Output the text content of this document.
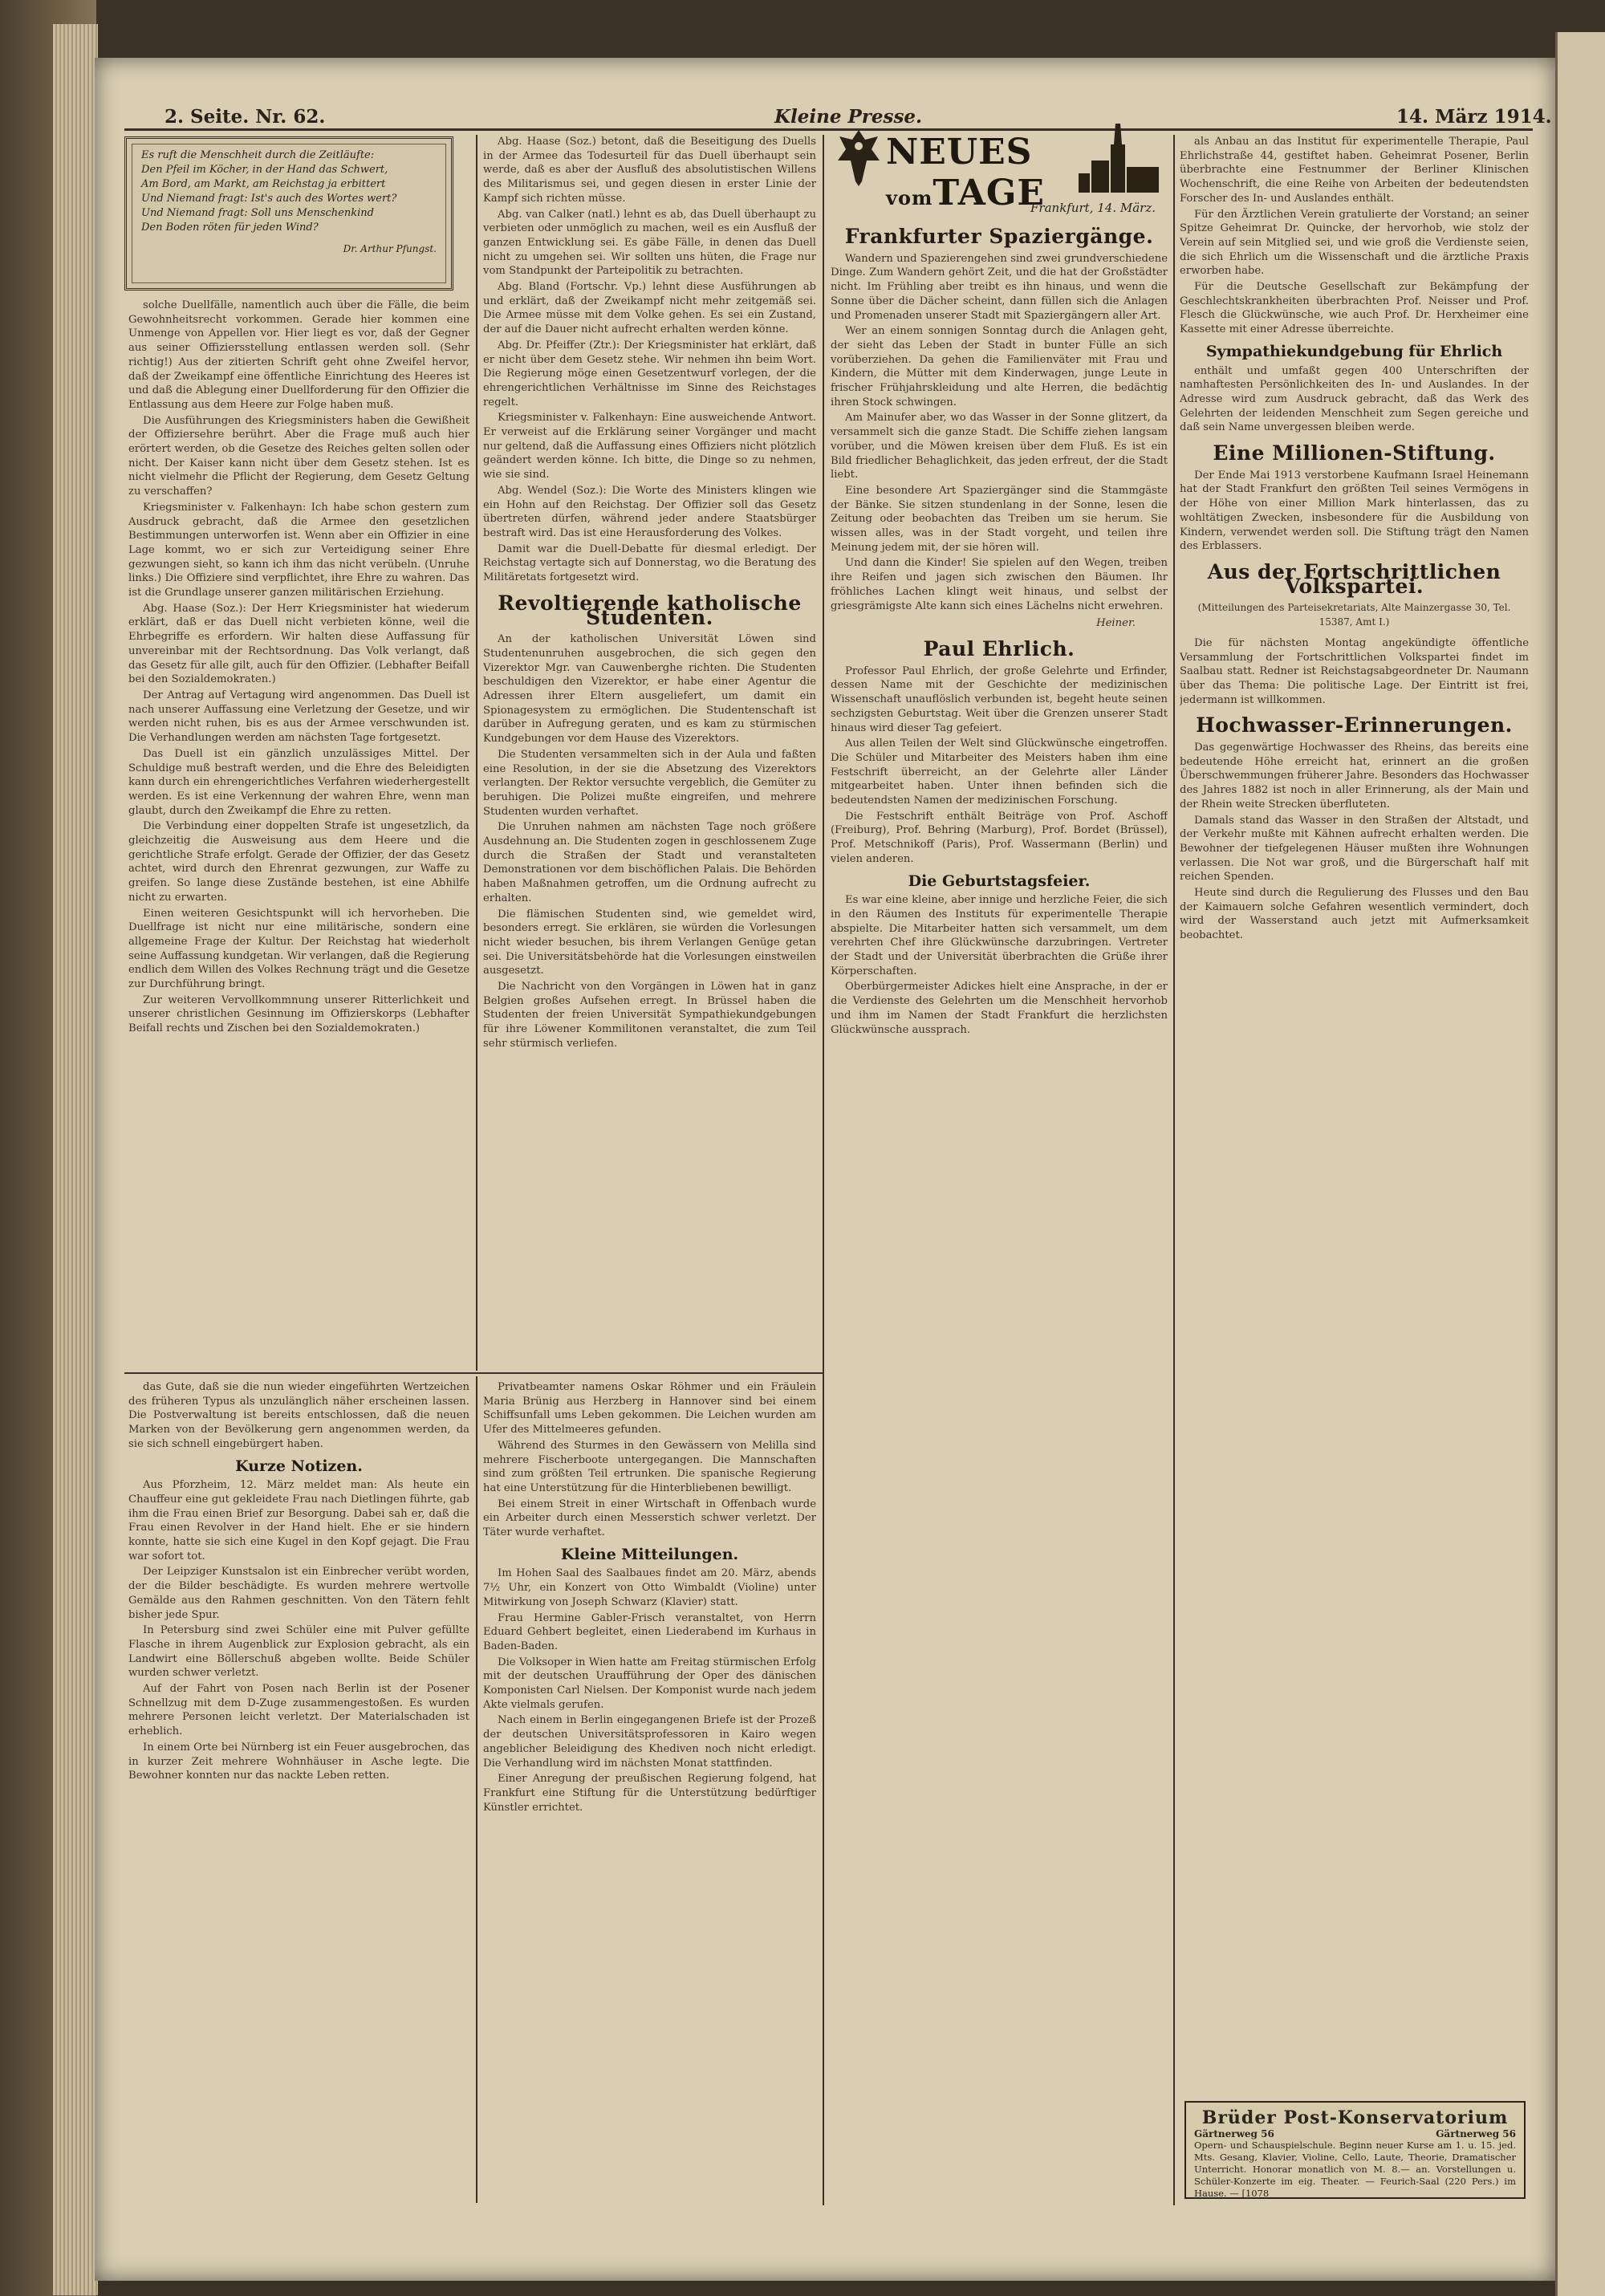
2. Seite. Nr. 62.	Kleine Presse.	14. März 1914.
Es ruft die Menschheit durch die Zeitläufte:
Den Pfeil im Köcher, in der Hand das Schwert,
Am Bord, am Markt, am Reichstag ja erbittert
Und Niemand fragt: Ist's auch des Wortes wert?
Und Niemand fragt: Soll uns Menschenkind
Den Boden röten für jeden Wind?
Dr. Arthur Pfungst.

solche Duellfälle, namentlich auch über die Fälle, die beim Gewohnheitsrecht vorkommen. Gerade hier kommen eine Unmenge von Appellen vor. Hier liegt es vor, daß der Gegner aus seiner Offiziersstellung entlassen werden soll. (Sehr richtig!) Aus der zitierten Schrift geht ohne Zweifel hervor, daß der Zweikampf eine öffentliche Einrichtung des Heeres ist und daß die Ablegung einer Duellforderung für den Offizier die Entlassung aus dem Heere zur Folge haben muß.

Die Ausführungen des Kriegsministers haben die Gewißheit der Offiziersehre berührt. Aber die Frage muß auch hier erörtert werden, ob die Gesetze des Reiches gelten sollen oder nicht. Der Kaiser kann nicht über dem Gesetz stehen. Ist es nicht vielmehr die Pflicht der Regierung, dem Gesetz Geltung zu verschaffen?

Kriegsminister v. Falkenhayn: Ich habe schon gestern zum Ausdruck gebracht, daß die Armee den gesetzlichen Bestimmungen unterworfen ist. Wenn aber ein Offizier in eine Lage kommt, wo er sich zur Verteidigung seiner Ehre gezwungen sieht, so kann ich ihm das nicht verübeln. (Unruhe links.) Die Offiziere sind verpflichtet, ihre Ehre zu wahren. Das ist die Grundlage unserer ganzen militärischen Erziehung.

Abg. Haase (Soz.): Der Herr Kriegsminister hat wiederum erklärt, daß er das Duell nicht verbieten könne, weil die Ehrbegriffe es erfordern. Wir halten diese Auffassung für unvereinbar mit der Rechtsordnung. Das Volk verlangt, daß das Gesetz für alle gilt, auch für den Offizier. (Lebhafter Beifall bei den Sozialdemokraten.)

Der Antrag auf Vertagung wird angenommen. Das Duell ist nach unserer Auffassung eine Verletzung der Gesetze, und wir werden nicht ruhen, bis es aus der Armee verschwunden ist. Die Verhandlungen werden am nächsten Tage fortgesetzt.

Das Duell ist ein gänzlich unzulässiges Mittel. Der Schuldige muß bestraft werden, und die Ehre des Beleidigten kann durch ein ehrengerichtliches Verfahren wiederhergestellt werden. Es ist eine Verkennung der wahren Ehre, wenn man glaubt, durch den Zweikampf die Ehre zu retten.

Die Verbindung einer doppelten Strafe ist ungesetzlich, da gleichzeitig die Ausweisung aus dem Heere und die gerichtliche Strafe erfolgt. Gerade der Offizier, der das Gesetz achtet, wird durch den Ehrenrat gezwungen, zur Waffe zu greifen. So lange diese Zustände bestehen, ist eine Abhilfe nicht zu erwarten.

Einen weiteren Gesichtspunkt will ich hervorheben. Die Duellfrage ist nicht nur eine militärische, sondern eine allgemeine Frage der Kultur. Der Reichstag hat wiederholt seine Auffassung kundgetan. Wir verlangen, daß die Regierung endlich dem Willen des Volkes Rechnung trägt und die Gesetze zur Durchführung bringt.

Zur weiteren Vervollkommnung unserer Ritterlichkeit und unserer christlichen Gesinnung im Offizierskorps (Lebhafter Beifall rechts und Zischen bei den Sozialdemokraten.)

Abg. Haase (Soz.) betont, daß die Beseitigung des Duells in der Armee das Todesurteil für das Duell überhaupt sein werde, daß es aber der Ausfluß des absolutistischen Willens des Militarismus sei, und gegen diesen in erster Linie der Kampf sich richten müsse.

Abg. van Calker (natl.) lehnt es ab, das Duell überhaupt zu verbieten oder unmöglich zu machen, weil es ein Ausfluß der ganzen Entwicklung sei. Es gäbe Fälle, in denen das Duell nicht zu umgehen sei. Wir sollten uns hüten, die Frage nur vom Standpunkt der Parteipolitik zu betrachten.

Abg. Bland (Fortschr. Vp.) lehnt diese Ausführungen ab und erklärt, daß der Zweikampf nicht mehr zeitgemäß sei. Die Armee müsse mit dem Volke gehen. Es sei ein Zustand, der auf die Dauer nicht aufrecht erhalten werden könne.

Abg. Dr. Pfeiffer (Ztr.): Der Kriegsminister hat erklärt, daß er nicht über dem Gesetz stehe. Wir nehmen ihn beim Wort. Die Regierung möge einen Gesetzentwurf vorlegen, der die ehrengerichtlichen Verhältnisse im Sinne des Reichstages regelt.

Kriegsminister v. Falkenhayn: Eine ausweichende Antwort. Er verweist auf die Erklärung seiner Vorgänger und macht nur geltend, daß die Auffassung eines Offiziers nicht plötzlich geändert werden könne. Ich bitte, die Dinge so zu nehmen, wie sie sind.

Abg. Wendel (Soz.): Die Worte des Ministers klingen wie ein Hohn auf den Reichstag. Der Offizier soll das Gesetz übertreten dürfen, während jeder andere Staatsbürger bestraft wird. Das ist eine Herausforderung des Volkes.

Damit war die Duell-Debatte für diesmal erledigt. Der Reichstag vertagte sich auf Donnerstag, wo die Beratung des Militäretats fortgesetzt wird.

Revoltierende katholische Studenten.

An der katholischen Universität Löwen sind Studentenunruhen ausgebrochen, die sich gegen den Vizerektor Mgr. van Cauwenberghe richten. Die Studenten beschuldigen den Vizerektor, er habe einer Agentur die Adressen ihrer Eltern ausgeliefert, um damit ein Spionagesystem zu ermöglichen. Die Studentenschaft ist darüber in Aufregung geraten, und es kam zu stürmischen Kundgebungen vor dem Hause des Vizerektors.

Die Studenten versammelten sich in der Aula und faßten eine Resolution, in der sie die Absetzung des Vizerektors verlangten. Der Rektor versuchte vergeblich, die Gemüter zu beruhigen. Die Polizei mußte eingreifen, und mehrere Studenten wurden verhaftet.

Die Unruhen nahmen am nächsten Tage noch größere Ausdehnung an. Die Studenten zogen in geschlossenem Zuge durch die Straßen der Stadt und veranstalteten Demonstrationen vor dem bischöflichen Palais. Die Behörden haben Maßnahmen getroffen, um die Ordnung aufrecht zu erhalten.

Die flämischen Studenten sind, wie gemeldet wird, besonders erregt. Sie erklären, sie würden die Vorlesungen nicht wieder besuchen, bis ihrem Verlangen Genüge getan sei. Die Universitätsbehörde hat die Vorlesungen einstweilen ausgesetzt.

Die Nachricht von den Vorgängen in Löwen hat in ganz Belgien großes Aufsehen erregt. In Brüssel haben die Studenten der freien Universität Sympathiekundgebungen für ihre Löwener Kommilitonen veranstaltet, die zum Teil sehr stürmisch verliefen.

NEUES vomTAGE
Frankfurt, 14. März.
Frankfurter Spaziergänge.

Wandern und Spazierengehen sind zwei grundverschiedene Dinge. Zum Wandern gehört Zeit, und die hat der Großstädter nicht. Im Frühling aber treibt es ihn hinaus, und wenn die Sonne über die Dächer scheint, dann füllen sich die Anlagen und Promenaden unserer Stadt mit Spaziergängern aller Art.

Wer an einem sonnigen Sonntag durch die Anlagen geht, der sieht das Leben der Stadt in bunter Fülle an sich vorüberziehen. Da gehen die Familienväter mit Frau und Kindern, die Mütter mit dem Kinderwagen, junge Leute in frischer Frühjahrskleidung und alte Herren, die bedächtig ihren Stock schwingen.

Am Mainufer aber, wo das Wasser in der Sonne glitzert, da versammelt sich die ganze Stadt. Die Schiffe ziehen langsam vorüber, und die Möwen kreisen über dem Fluß. Es ist ein Bild friedlicher Behaglichkeit, das jeden erfreut, der die Stadt liebt.

Eine besondere Art Spaziergänger sind die Stammgäste der Bänke. Sie sitzen stundenlang in der Sonne, lesen die Zeitung oder beobachten das Treiben um sie herum. Sie wissen alles, was in der Stadt vorgeht, und teilen ihre Meinung jedem mit, der sie hören will.

Und dann die Kinder! Sie spielen auf den Wegen, treiben ihre Reifen und jagen sich zwischen den Bäumen. Ihr fröhliches Lachen klingt weit hinaus, und selbst der griesgrämigste Alte kann sich eines Lächelns nicht erwehren.

Heiner.
Paul Ehrlich.

Professor Paul Ehrlich, der große Gelehrte und Erfinder, dessen Name mit der Geschichte der medizinischen Wissenschaft unauflöslich verbunden ist, begeht heute seinen sechzigsten Geburtstag. Weit über die Grenzen unserer Stadt hinaus wird dieser Tag gefeiert.

Aus allen Teilen der Welt sind Glückwünsche eingetroffen. Die Schüler und Mitarbeiter des Meisters haben ihm eine Festschrift überreicht, an der Gelehrte aller Länder mitgearbeitet haben. Unter ihnen befinden sich die bedeutendsten Namen der medizinischen Forschung.

Die Festschrift enthält Beiträge von Prof. Aschoff (Freiburg), Prof. Behring (Marburg), Prof. Bordet (Brüssel), Prof. Metschnikoff (Paris), Prof. Wassermann (Berlin) und vielen anderen.

Die Geburtstagsfeier.

Es war eine kleine, aber innige und herzliche Feier, die sich in den Räumen des Instituts für experimentelle Therapie abspielte. Die Mitarbeiter hatten sich versammelt, um dem verehrten Chef ihre Glückwünsche darzubringen. Vertreter der Stadt und der Universität überbrachten die Grüße ihrer Körperschaften.

Oberbürgermeister Adickes hielt eine Ansprache, in der er die Verdienste des Gelehrten um die Menschheit hervorhob und ihm im Namen der Stadt Frankfurt die herzlichsten Glückwünsche aussprach.

als Anbau an das Institut für experimentelle Therapie, Paul Ehrlichstraße 44, gestiftet haben. Geheimrat Posener, Berlin überbrachte eine Festnummer der Berliner Klinischen Wochenschrift, die eine Reihe von Arbeiten der bedeutendsten Forscher des In- und Auslandes enthält.

Für den Ärztlichen Verein gratulierte der Vorstand; an seiner Spitze Geheimrat Dr. Quincke, der hervorhob, wie stolz der Verein auf sein Mitglied sei, und wie groß die Verdienste seien, die sich Ehrlich um die Wissenschaft und die ärztliche Praxis erworben habe.

Für die Deutsche Gesellschaft zur Bekämpfung der Geschlechtskrankheiten überbrachten Prof. Neisser und Prof. Flesch die Glückwünsche, wie auch Prof. Dr. Herxheimer eine Kassette mit einer Adresse überreichte.

Sympathiekundgebung für Ehrlich

enthält und umfaßt gegen 400 Unterschriften der namhaftesten Persönlichkeiten des In- und Auslandes. In der Adresse wird zum Ausdruck gebracht, daß das Werk des Gelehrten der leidenden Menschheit zum Segen gereiche und daß sein Name unvergessen bleiben werde.

Eine Millionen-Stiftung.

Der Ende Mai 1913 verstorbene Kaufmann Israel Heinemann hat der Stadt Frankfurt den größten Teil seines Vermögens in der Höhe von einer Million Mark hinterlassen, das zu wohltätigen Zwecken, insbesondere für die Ausbildung von Kindern, verwendet werden soll. Die Stiftung trägt den Namen des Erblassers.

Aus der Fortschrittlichen Volkspartei.
(Mitteilungen des Parteisekretariats, Alte Mainzergasse 30, Tel. 15387, Amt I.)

Die für nächsten Montag angekündigte öffentliche Versammlung der Fortschrittlichen Volkspartei findet im Saalbau statt. Redner ist Reichstagsabgeordneter Dr. Naumann über das Thema: Die politische Lage. Der Eintritt ist frei, jedermann ist willkommen.

Hochwasser-Erinnerungen.

Das gegenwärtige Hochwasser des Rheins, das bereits eine bedeutende Höhe erreicht hat, erinnert an die großen Überschwemmungen früherer Jahre. Besonders das Hochwasser des Jahres 1882 ist noch in aller Erinnerung, als der Main und der Rhein weite Strecken überfluteten.

Damals stand das Wasser in den Straßen der Altstadt, und der Verkehr mußte mit Kähnen aufrecht erhalten werden. Die Bewohner der tiefgelegenen Häuser mußten ihre Wohnungen verlassen. Die Not war groß, und die Bürgerschaft half mit reichen Spenden.

Heute sind durch die Regulierung des Flusses und den Bau der Kaimauern solche Gefahren wesentlich vermindert, doch wird der Wasserstand auch jetzt mit Aufmerksamkeit beobachtet.

Brüder Post-Konservatorium
Gärtnerweg 56	Gärtnerweg 56
Opern- und Schauspielschule. Beginn neuer Kurse am 1. u. 15. jed. Mts. Gesang, Klavier, Violine, Cello, Laute, Theorie, Dramatischer Unterricht. Honorar monatlich von M. 8.— an. Vorstellungen u. Schüler-Konzerte im eig. Theater. — Feurich-Saal (220 Pers.) im Hause. — [1078

das Gute, daß sie die nun wieder eingeführten Wertzeichen des früheren Typus als unzulänglich näher erscheinen lassen. Die Postverwaltung ist bereits entschlossen, daß die neuen Marken von der Bevölkerung gern angenommen werden, da sie sich schnell eingebürgert haben.

Kurze Notizen.

Aus Pforzheim, 12. März meldet man: Als heute ein Chauffeur eine gut gekleidete Frau nach Dietlingen führte, gab ihm die Frau einen Brief zur Besorgung. Dabei sah er, daß die Frau einen Revolver in der Hand hielt. Ehe er sie hindern konnte, hatte sie sich eine Kugel in den Kopf gejagt. Die Frau war sofort tot.

Der Leipziger Kunstsalon ist ein Einbrecher verübt worden, der die Bilder beschädigte. Es wurden mehrere wertvolle Gemälde aus den Rahmen geschnitten. Von den Tätern fehlt bisher jede Spur.

In Petersburg sind zwei Schüler eine mit Pulver gefüllte Flasche in ihrem Augenblick zur Explosion gebracht, als ein Landwirt eine Böllerschuß abgeben wollte. Beide Schüler wurden schwer verletzt.

Auf der Fahrt von Posen nach Berlin ist der Posener Schnellzug mit dem D-Zuge zusammengestoßen. Es wurden mehrere Personen leicht verletzt. Der Materialschaden ist erheblich.

In einem Orte bei Nürnberg ist ein Feuer ausgebrochen, das in kurzer Zeit mehrere Wohnhäuser in Asche legte. Die Bewohner konnten nur das nackte Leben retten.

Privatbeamter namens Oskar Röhmer und ein Fräulein Maria Brünig aus Herzberg in Hannover sind bei einem Schiffsunfall ums Leben gekommen. Die Leichen wurden am Ufer des Mittelmeeres gefunden.

Während des Sturmes in den Gewässern von Melilla sind mehrere Fischerboote untergegangen. Die Mannschaften sind zum größten Teil ertrunken. Die spanische Regierung hat eine Unterstützung für die Hinterbliebenen bewilligt.

Bei einem Streit in einer Wirtschaft in Offenbach wurde ein Arbeiter durch einen Messerstich schwer verletzt. Der Täter wurde verhaftet.

Kleine Mitteilungen.

Im Hohen Saal des Saalbaues findet am 20. März, abends 7½ Uhr, ein Konzert von Otto Wimbaldt (Violine) unter Mitwirkung von Joseph Schwarz (Klavier) statt.

Frau Hermine Gabler-Frisch veranstaltet, von Herrn Eduard Gehbert begleitet, einen Liederabend im Kurhaus in Baden-Baden.

Die Volksoper in Wien hatte am Freitag stürmischen Erfolg mit der deutschen Uraufführung der Oper des dänischen Komponisten Carl Nielsen. Der Komponist wurde nach jedem Akte vielmals gerufen.

Nach einem in Berlin eingegangenen Briefe ist der Prozeß der deutschen Universitätsprofessoren in Kairo wegen angeblicher Beleidigung des Khediven noch nicht erledigt. Die Verhandlung wird im nächsten Monat stattfinden.

Einer Anregung der preußischen Regierung folgend, hat Frankfurt eine Stiftung für die Unterstützung bedürftiger Künstler errichtet.
